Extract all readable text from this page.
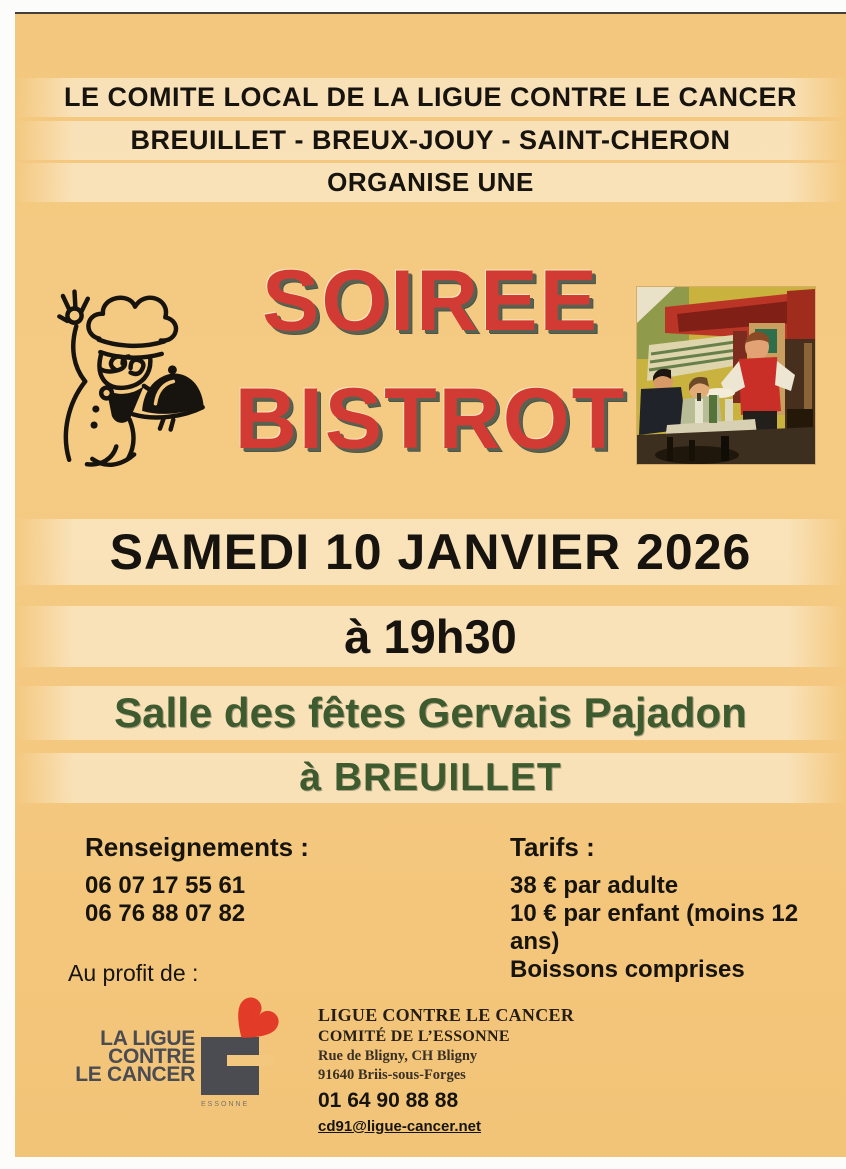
LE COMITE LOCAL DE LA LIGUE CONTRE LE CANCER
BREUILLET - BREUX-JOUY - SAINT-CHERON
ORGANISE UNE
SOIREE
BISTROT
SAMEDI 10 JANVIER 2026
à 19h30
Salle des fêtes Gervais Pajadon
à BREUILLET
Renseignements :
06 07 17 55 61
06 76 88 07 82
Tarifs :
38 € par adulte
10 € par enfant (moins 12 ans)
Boissons comprises
Au profit de :
LA LIGUE
CONTRE
LE CANCER
ESSONNE
LIGUE CONTRE LE CANCER
COMITÉ DE L’ESSONNE
Rue de Bligny, CH Bligny
91640 Briis-sous-Forges
01 64 90 88 88
cd91@ligue-cancer.net
